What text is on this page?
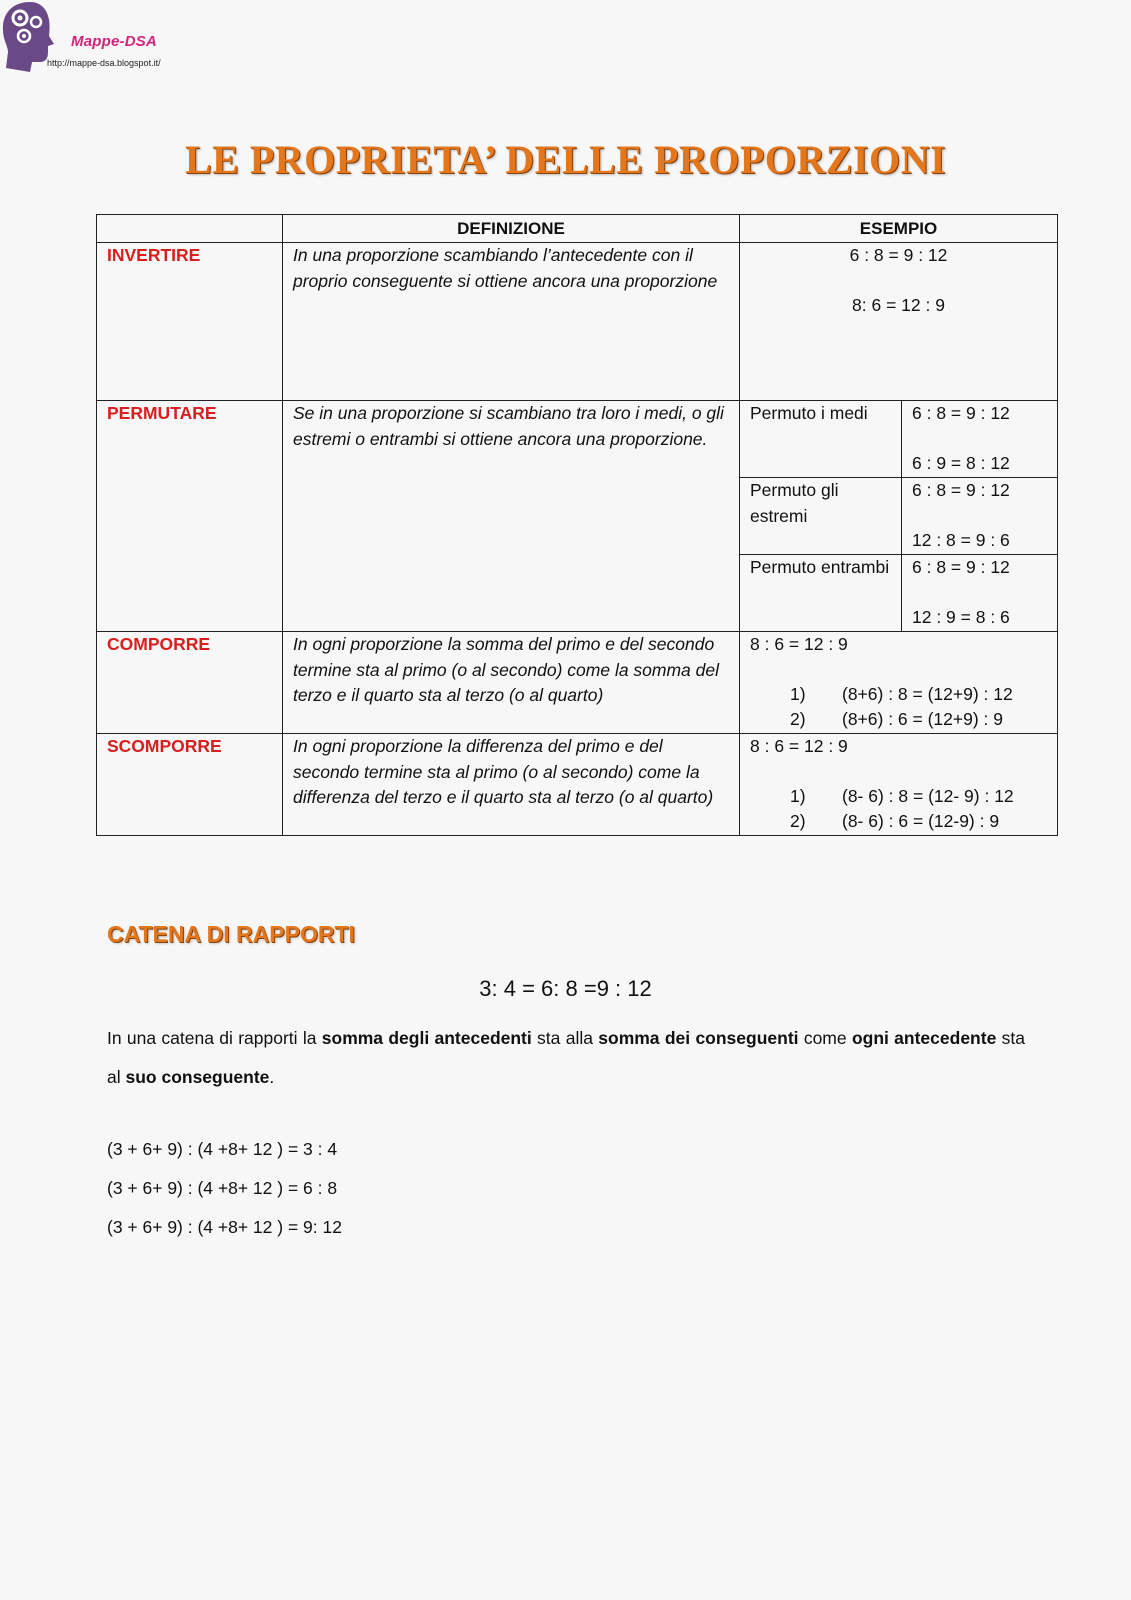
Mappe-DSA
http://mappe-dsa.blogspot.it/
LE PROPRIETA’ DELLE PROPORZIONI
	DEFINIZIONE	ESEMPIO	
INVERTIRE	In una proporzione scambiando l’antecedente con il proprio conseguente si ottiene ancora una proporzione	6 : 8 = 9 : 12
8: 6 = 12 : 9	

PERMUTARE	Se in una proporzione si scambiano tra loro i medi, o gli estremi o entrambi si ottiene ancora una proporzione.	Permuto i medi	6 : 8 = 9 : 12
6 : 9 = 8 : 12

		Permuto gli estremi	6 : 8 = 9 : 12
12 : 8 = 9 : 6

		Permuto entrambi	6 : 8 = 9 : 12
12 : 9 = 8 : 6

COMPORRE	In ogni proporzione la somma del primo e del secondo termine sta al primo (o al secondo) come la somma del terzo e il quarto sta al terzo (o al quarto)	8 : 6 = 12 : 9
1) (8+6) : 8 = (12+9) : 12
2) (8+6) : 6 = (12+9) : 9	

SCOMPORRE	In ogni proporzione la differenza del primo e del secondo termine sta al primo (o al secondo) come la differenza del terzo e il quarto sta al terzo (o al quarto)	8 : 6 = 12 : 9
1) (8- 6) : 8 = (12- 9) : 12
2) (8- 6) : 6 = (12-9) : 9	
CATENA DI RAPPORTI
3: 4 = 6: 8 =9 : 12
In una catena di rapporti la somma degli antecedenti sta alla somma dei conseguenti come ogni antecedente sta al suo conseguente.
(3 + 6+ 9) : (4 +8+ 12 ) = 3 : 4
(3 + 6+ 9) : (4 +8+ 12 ) = 6 : 8
(3 + 6+ 9) : (4 +8+ 12 ) = 9: 12
